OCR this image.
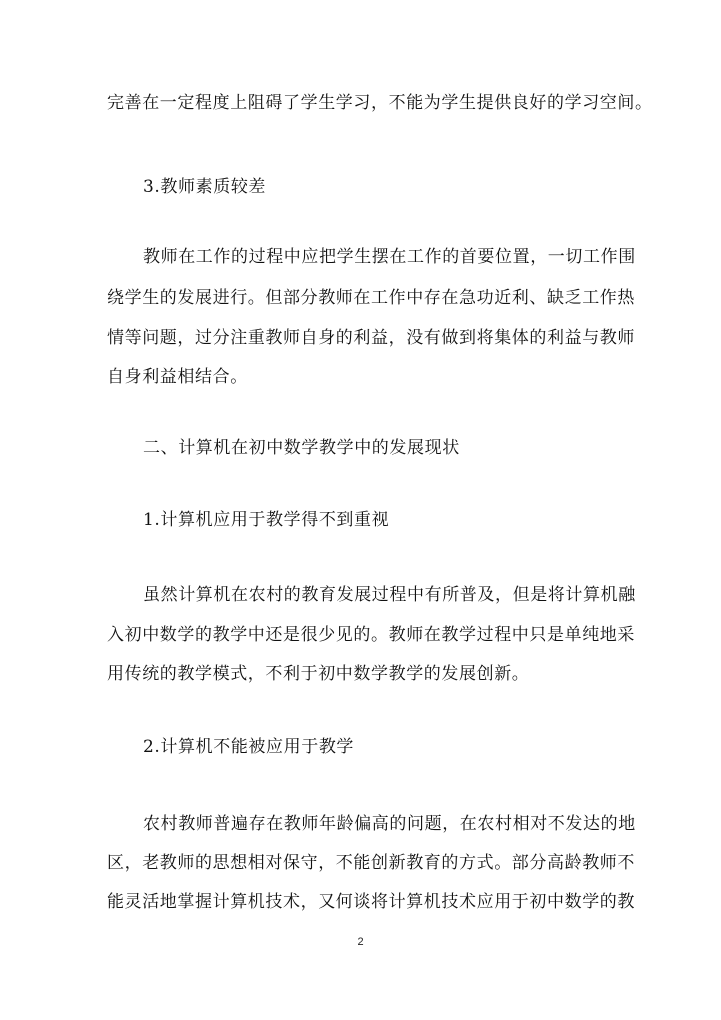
完善在一定程度上阻碍了学生学习，不能为学生提供良好的学习空间。
3.教师素质较差
教师在工作的过程中应把学生摆在工作的首要位置，一切工作围
绕学生的发展进行。但部分教师在工作中存在急功近利、缺乏工作热
情等问题，过分注重教师自身的利益，没有做到将集体的利益与教师
自身利益相结合。
二、计算机在初中数学教学中的发展现状
1.计算机应用于教学得不到重视
虽然计算机在农村的教育发展过程中有所普及，但是将计算机融
入初中数学的教学中还是很少见的。教师在教学过程中只是单纯地采
用传统的教学模式，不利于初中数学教学的发展创新。
2.计算机不能被应用于教学
农村教师普遍存在教师年龄偏高的问题，在农村相对不发达的地
区，老教师的思想相对保守，不能创新教育的方式。部分高龄教师不
能灵活地掌握计算机技术，又何谈将计算机技术应用于初中数学的教
2
